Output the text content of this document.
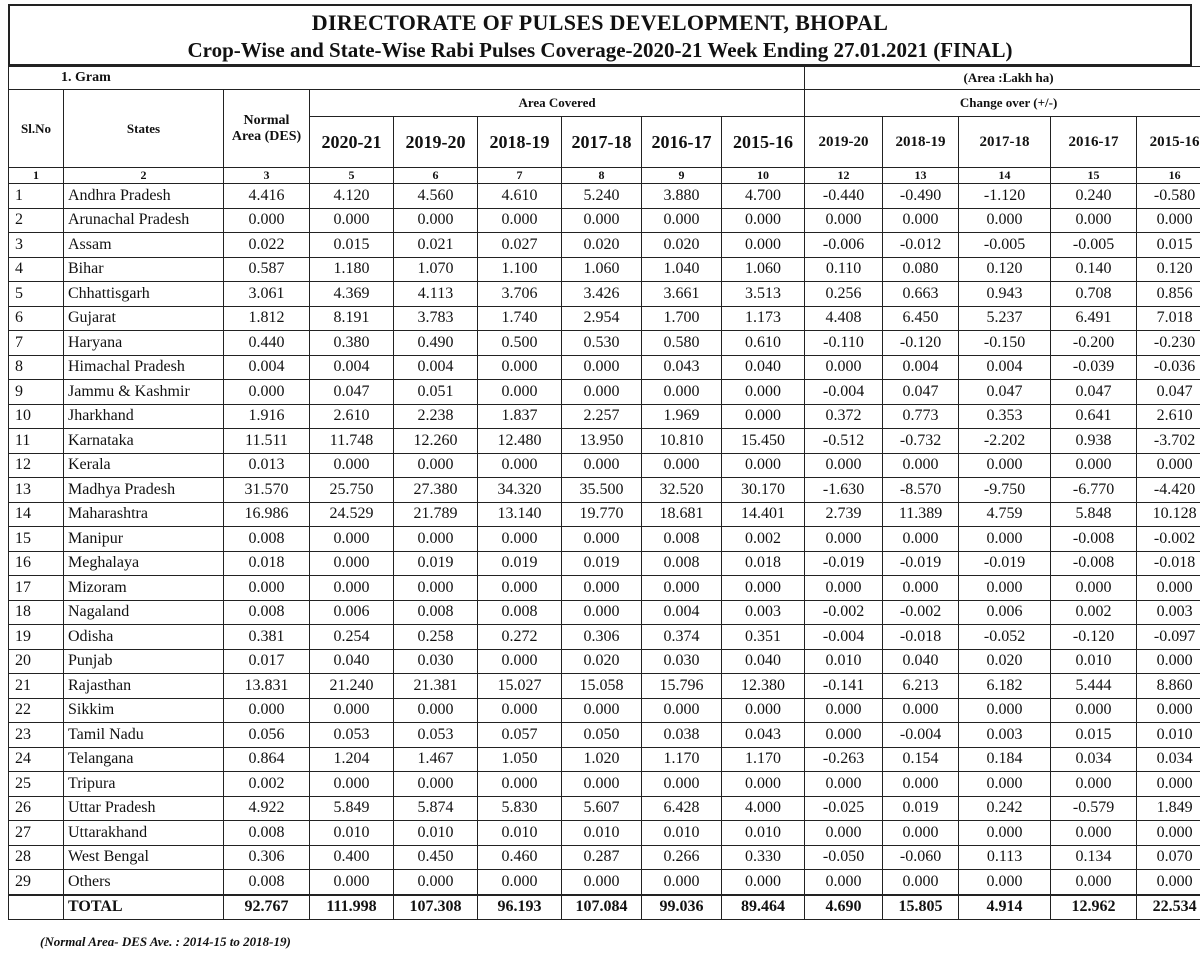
DIRECTORATE OF PULSES DEVELOPMENT, BHOPAL
Crop-Wise and State-Wise Rabi Pulses Coverage-2020-21 Week Ending 27.01.2021 (FINAL)
1. Gram									(Area :Lakh ha)				
Sl.No	States	Normal Area (DES)	Area Covered						Change over (+/-)				
			2020-21	2019-20	2018-19	2017-18	2016-17	2015-16	2019-20	2018-19	2017-18	2016-17	2015-16
1	2	3	5	6	7	8	9	10	12	13	14	15	16
1	Andhra Pradesh	4.416	4.120	4.560	4.610	5.240	3.880	4.700	-0.440	-0.490	-1.120	0.240	-0.580
2	Arunachal Pradesh	0.000	0.000	0.000	0.000	0.000	0.000	0.000	0.000	0.000	0.000	0.000	0.000
3	Assam	0.022	0.015	0.021	0.027	0.020	0.020	0.000	-0.006	-0.012	-0.005	-0.005	0.015
4	Bihar	0.587	1.180	1.070	1.100	1.060	1.040	1.060	0.110	0.080	0.120	0.140	0.120
5	Chhattisgarh	3.061	4.369	4.113	3.706	3.426	3.661	3.513	0.256	0.663	0.943	0.708	0.856
6	Gujarat	1.812	8.191	3.783	1.740	2.954	1.700	1.173	4.408	6.450	5.237	6.491	7.018
7	Haryana	0.440	0.380	0.490	0.500	0.530	0.580	0.610	-0.110	-0.120	-0.150	-0.200	-0.230
8	Himachal Pradesh	0.004	0.004	0.004	0.000	0.000	0.043	0.040	0.000	0.004	0.004	-0.039	-0.036
9	Jammu & Kashmir	0.000	0.047	0.051	0.000	0.000	0.000	0.000	-0.004	0.047	0.047	0.047	0.047
10	Jharkhand	1.916	2.610	2.238	1.837	2.257	1.969	0.000	0.372	0.773	0.353	0.641	2.610
11	Karnataka	11.511	11.748	12.260	12.480	13.950	10.810	15.450	-0.512	-0.732	-2.202	0.938	-3.702
12	Kerala	0.013	0.000	0.000	0.000	0.000	0.000	0.000	0.000	0.000	0.000	0.000	0.000
13	Madhya Pradesh	31.570	25.750	27.380	34.320	35.500	32.520	30.170	-1.630	-8.570	-9.750	-6.770	-4.420
14	Maharashtra	16.986	24.529	21.789	13.140	19.770	18.681	14.401	2.739	11.389	4.759	5.848	10.128
15	Manipur	0.008	0.000	0.000	0.000	0.000	0.008	0.002	0.000	0.000	0.000	-0.008	-0.002
16	Meghalaya	0.018	0.000	0.019	0.019	0.019	0.008	0.018	-0.019	-0.019	-0.019	-0.008	-0.018
17	Mizoram	0.000	0.000	0.000	0.000	0.000	0.000	0.000	0.000	0.000	0.000	0.000	0.000
18	Nagaland	0.008	0.006	0.008	0.008	0.000	0.004	0.003	-0.002	-0.002	0.006	0.002	0.003
19	Odisha	0.381	0.254	0.258	0.272	0.306	0.374	0.351	-0.004	-0.018	-0.052	-0.120	-0.097
20	Punjab	0.017	0.040	0.030	0.000	0.020	0.030	0.040	0.010	0.040	0.020	0.010	0.000
21	Rajasthan	13.831	21.240	21.381	15.027	15.058	15.796	12.380	-0.141	6.213	6.182	5.444	8.860
22	Sikkim	0.000	0.000	0.000	0.000	0.000	0.000	0.000	0.000	0.000	0.000	0.000	0.000
23	Tamil Nadu	0.056	0.053	0.053	0.057	0.050	0.038	0.043	0.000	-0.004	0.003	0.015	0.010
24	Telangana	0.864	1.204	1.467	1.050	1.020	1.170	1.170	-0.263	0.154	0.184	0.034	0.034
25	Tripura	0.002	0.000	0.000	0.000	0.000	0.000	0.000	0.000	0.000	0.000	0.000	0.000
26	Uttar Pradesh	4.922	5.849	5.874	5.830	5.607	6.428	4.000	-0.025	0.019	0.242	-0.579	1.849
27	Uttarakhand	0.008	0.010	0.010	0.010	0.010	0.010	0.010	0.000	0.000	0.000	0.000	0.000
28	West Bengal	0.306	0.400	0.450	0.460	0.287	0.266	0.330	-0.050	-0.060	0.113	0.134	0.070
29	Others	0.008	0.000	0.000	0.000	0.000	0.000	0.000	0.000	0.000	0.000	0.000	0.000
	TOTAL	92.767	111.998	107.308	96.193	107.084	99.036	89.464	4.690	15.805	4.914	12.962	22.534
(Normal Area- DES Ave. : 2014-15 to 2018-19)
